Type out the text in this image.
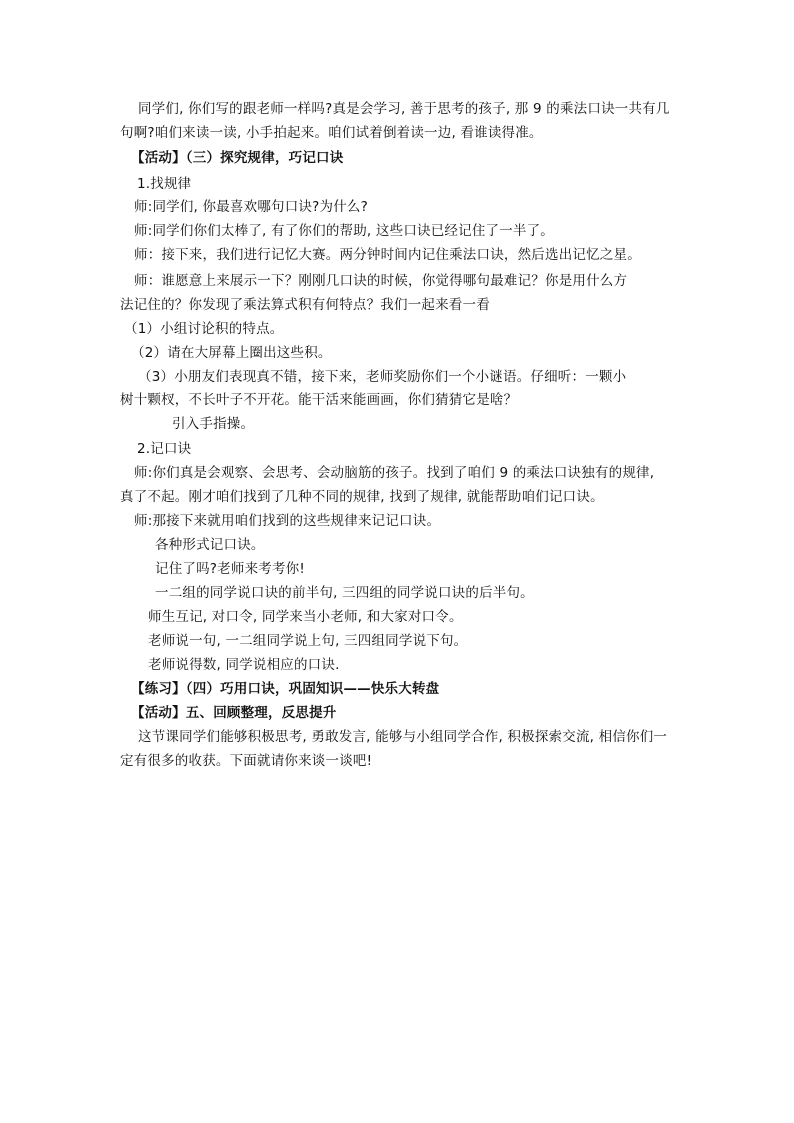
同学们, 你们写的跟老师一样吗?真是会学习, 善于思考的孩子, 那 9 的乘法口诀一共有几
句啊?咱们来读一读, 小手拍起来。咱们试着倒着读一边, 看谁读得准。
【活动】（三）探究规律，巧记口诀
1.找规律
师:同学们, 你最喜欢哪句口诀?为什么?
师:同学们你们太棒了, 有了你们的帮助, 这些口诀已经记住了一半了。
师：接下来，我们进行记忆大赛。两分钟时间内记住乘法口诀，然后选出记忆之星。
师：谁愿意上来展示一下？刚刚几口诀的时候，你觉得哪句最难记？你是用什么方
法记住的？你发现了乘法算式积有何特点？我们一起来看一看
（1）小组讨论积的特点。
（2）请在大屏幕上圈出这些积。
（3）小朋友们表现真不错，接下来，老师奖励你们一个小谜语。仔细听：一颗小
树十颗杈，不长叶子不开花。能干活来能画画，你们猜猜它是啥？
引入手指操。
2.记口诀
师:你们真是会观察、会思考、会动脑筋的孩子。找到了咱们 9 的乘法口诀独有的规律,
真了不起。刚才咱们找到了几种不同的规律, 找到了规律, 就能帮助咱们记口诀。
师:那接下来就用咱们找到的这些规律来记记口诀。
各种形式记口诀。
记住了吗?老师来考考你!
一二组的同学说口诀的前半句, 三四组的同学说口诀的后半句。
师生互记, 对口令, 同学来当小老师, 和大家对口令。
老师说一句, 一二组同学说上句, 三四组同学说下句。
老师说得数, 同学说相应的口诀.
【练习】（四）巧用口诀，巩固知识——快乐大转盘
【活动】五、回顾整理，反思提升
这节课同学们能够积极思考, 勇敢发言, 能够与小组同学合作, 积极探索交流, 相信你们一
定有很多的收获。下面就请你来谈一谈吧!
